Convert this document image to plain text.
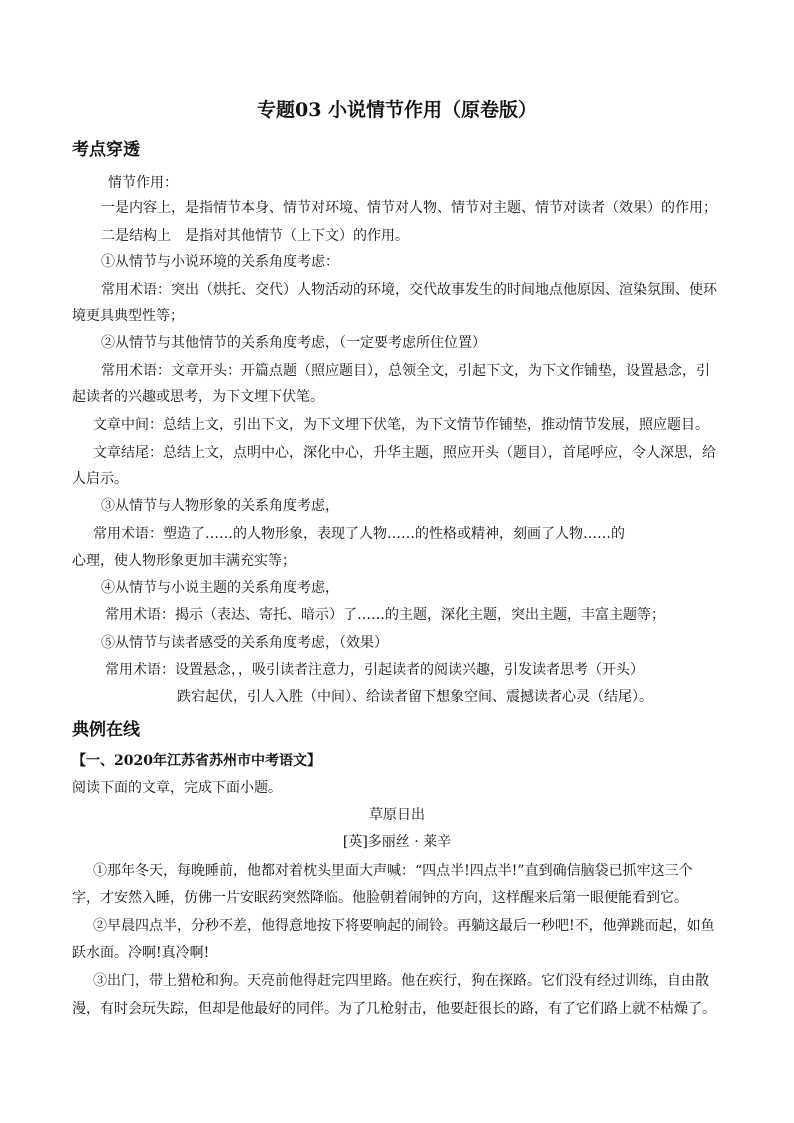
专题03 小说情节作用（原卷版）
考点穿透
情节作用：
一是内容上，是指情节本身、情节对环境、情节对人物、情节对主题、情节对读者（效果）的作用；
二是结构上　是指对其他情节（上下文）的作用。
①从情节与小说环境的关系角度考虑：
常用术语：突出（烘托、交代）人物活动的环境，交代故事发生的时间地点他原因、渲染氛围、使环
境更具典型性等；
②从情节与其他情节的关系角度考虑，（一定要考虑所住位置）
常用术语：文章开头：开篇点题（照应题目），总领全文，引起下文，为下文作铺垫，设置悬念，引
起读者的兴趣或思考，为下文埋下伏笔。
文章中间：总结上文，引出下文，为下文埋下伏笔，为下文情节作铺垫，推动情节发展，照应题目。
文章结尾：总结上文，点明中心，深化中心，升华主题，照应开头（题目），首尾呼应，令人深思，给
人启示。
③从情节与人物形象的关系角度考虑，
常用术语：塑造了……的人物形象，表现了人物……的性格或精神，刻画了人物……的
心理，使人物形象更加丰满充实等；
④从情节与小说主题的关系角度考虑，
常用术语：揭示（表达、寄托、暗示）了……的主题，深化主题，突出主题，丰富主题等；
⑤从情节与读者感受的关系角度考虑，（效果）
常用术语：设置悬念，，吸引读者注意力，引起读者的阅读兴趣，引发读者思考（开头）
跌宕起伏，引人入胜（中间）、给读者留下想象空间、震撼读者心灵（结尾）。
典例在线
【一、2020年江苏省苏州市中考语文】
阅读下面的文章，完成下面小题。
草原日出
[英]多丽丝 · 莱辛
①那年冬天，每晚睡前，他都对着枕头里面大声喊：“四点半!四点半!”直到确信脑袋已抓牢这三个
字，才安然入睡，仿佛一片安眠药突然降临。他脸朝着闹钟的方向，这样醒来后第一眼便能看到它。
②早晨四点半，分秒不差，他得意地按下将要响起的闹铃。再躺这最后一秒吧!不，他弹跳而起，如鱼
跃水面。冷啊!真冷啊!
③出门，带上猎枪和狗。天亮前他得赶完四里路。他在疾行，狗在探路。它们没有经过训练，自由散
漫，有时会玩失踪，但却是他最好的同伴。为了几枪射击，他要赶很长的路，有了它们路上就不枯燥了。
